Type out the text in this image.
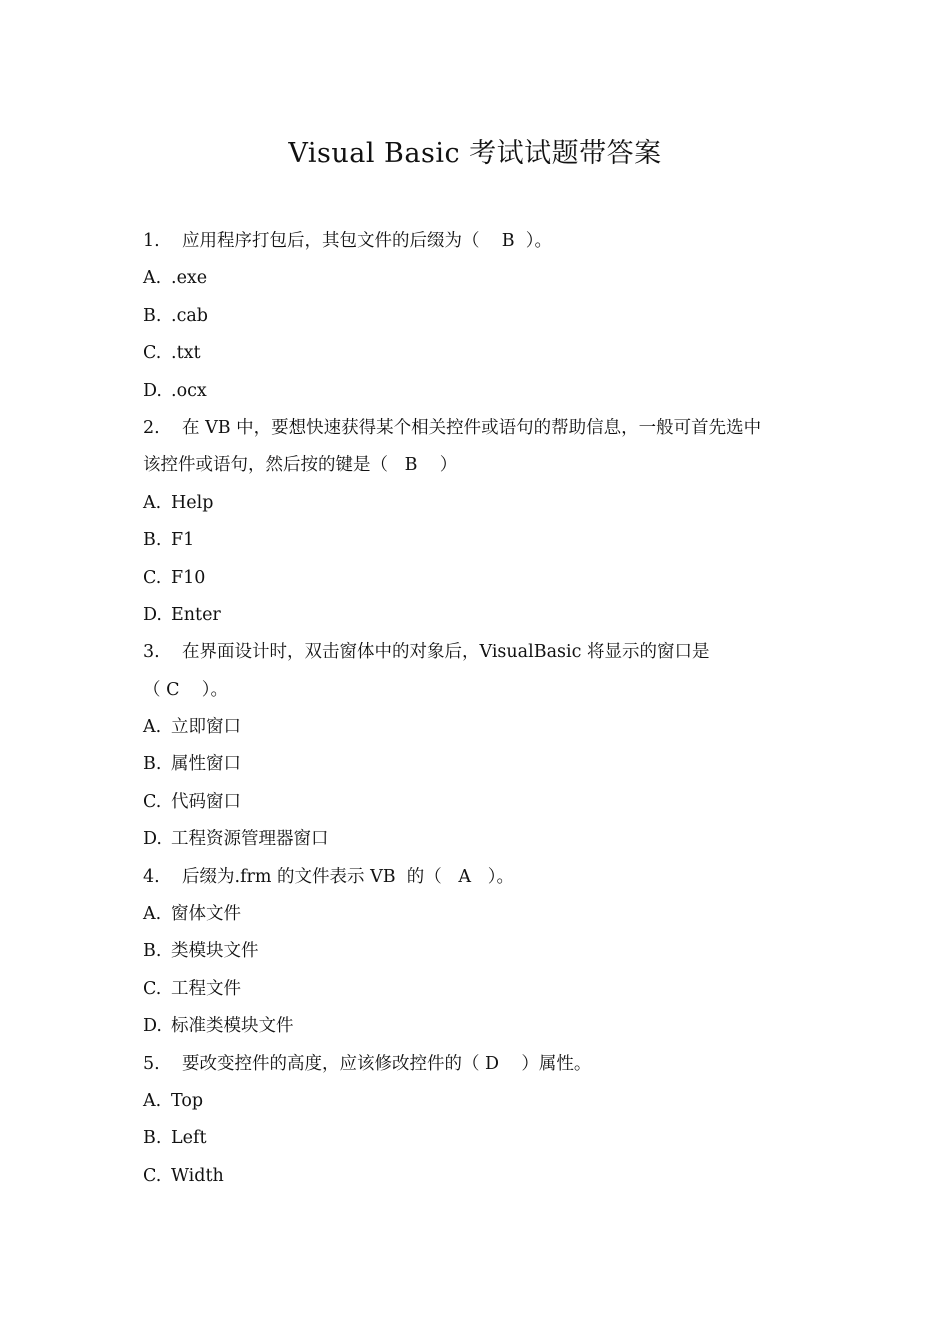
Visual Basic 考试试题带答案
1. 应用程序打包后，其包文件的后缀为（    B  ）。
A. .exe
B. .cab
C. .txt
D. .ocx
2. 在 VB 中，要想快速获得某个相关控件或语句的帮助信息，一般可首先选中
该控件或语句，然后按的键是（   B    ）
A. Help
B. F1
C. F10
D. Enter
3. 在界面设计时，双击窗体中的对象后，VisualBasic 将显示的窗口是
（ C    ）。
A. 立即窗口
B. 属性窗口
C. 代码窗口
D. 工程资源管理器窗口
4. 后缀为.frm 的文件表示 VB  的（   A   ）。
A. 窗体文件
B. 类模块文件
C. 工程文件
D. 标准类模块文件
5. 要改变控件的高度，应该修改控件的（ D    ）属性。
A. Top
B. Left
C. Width
